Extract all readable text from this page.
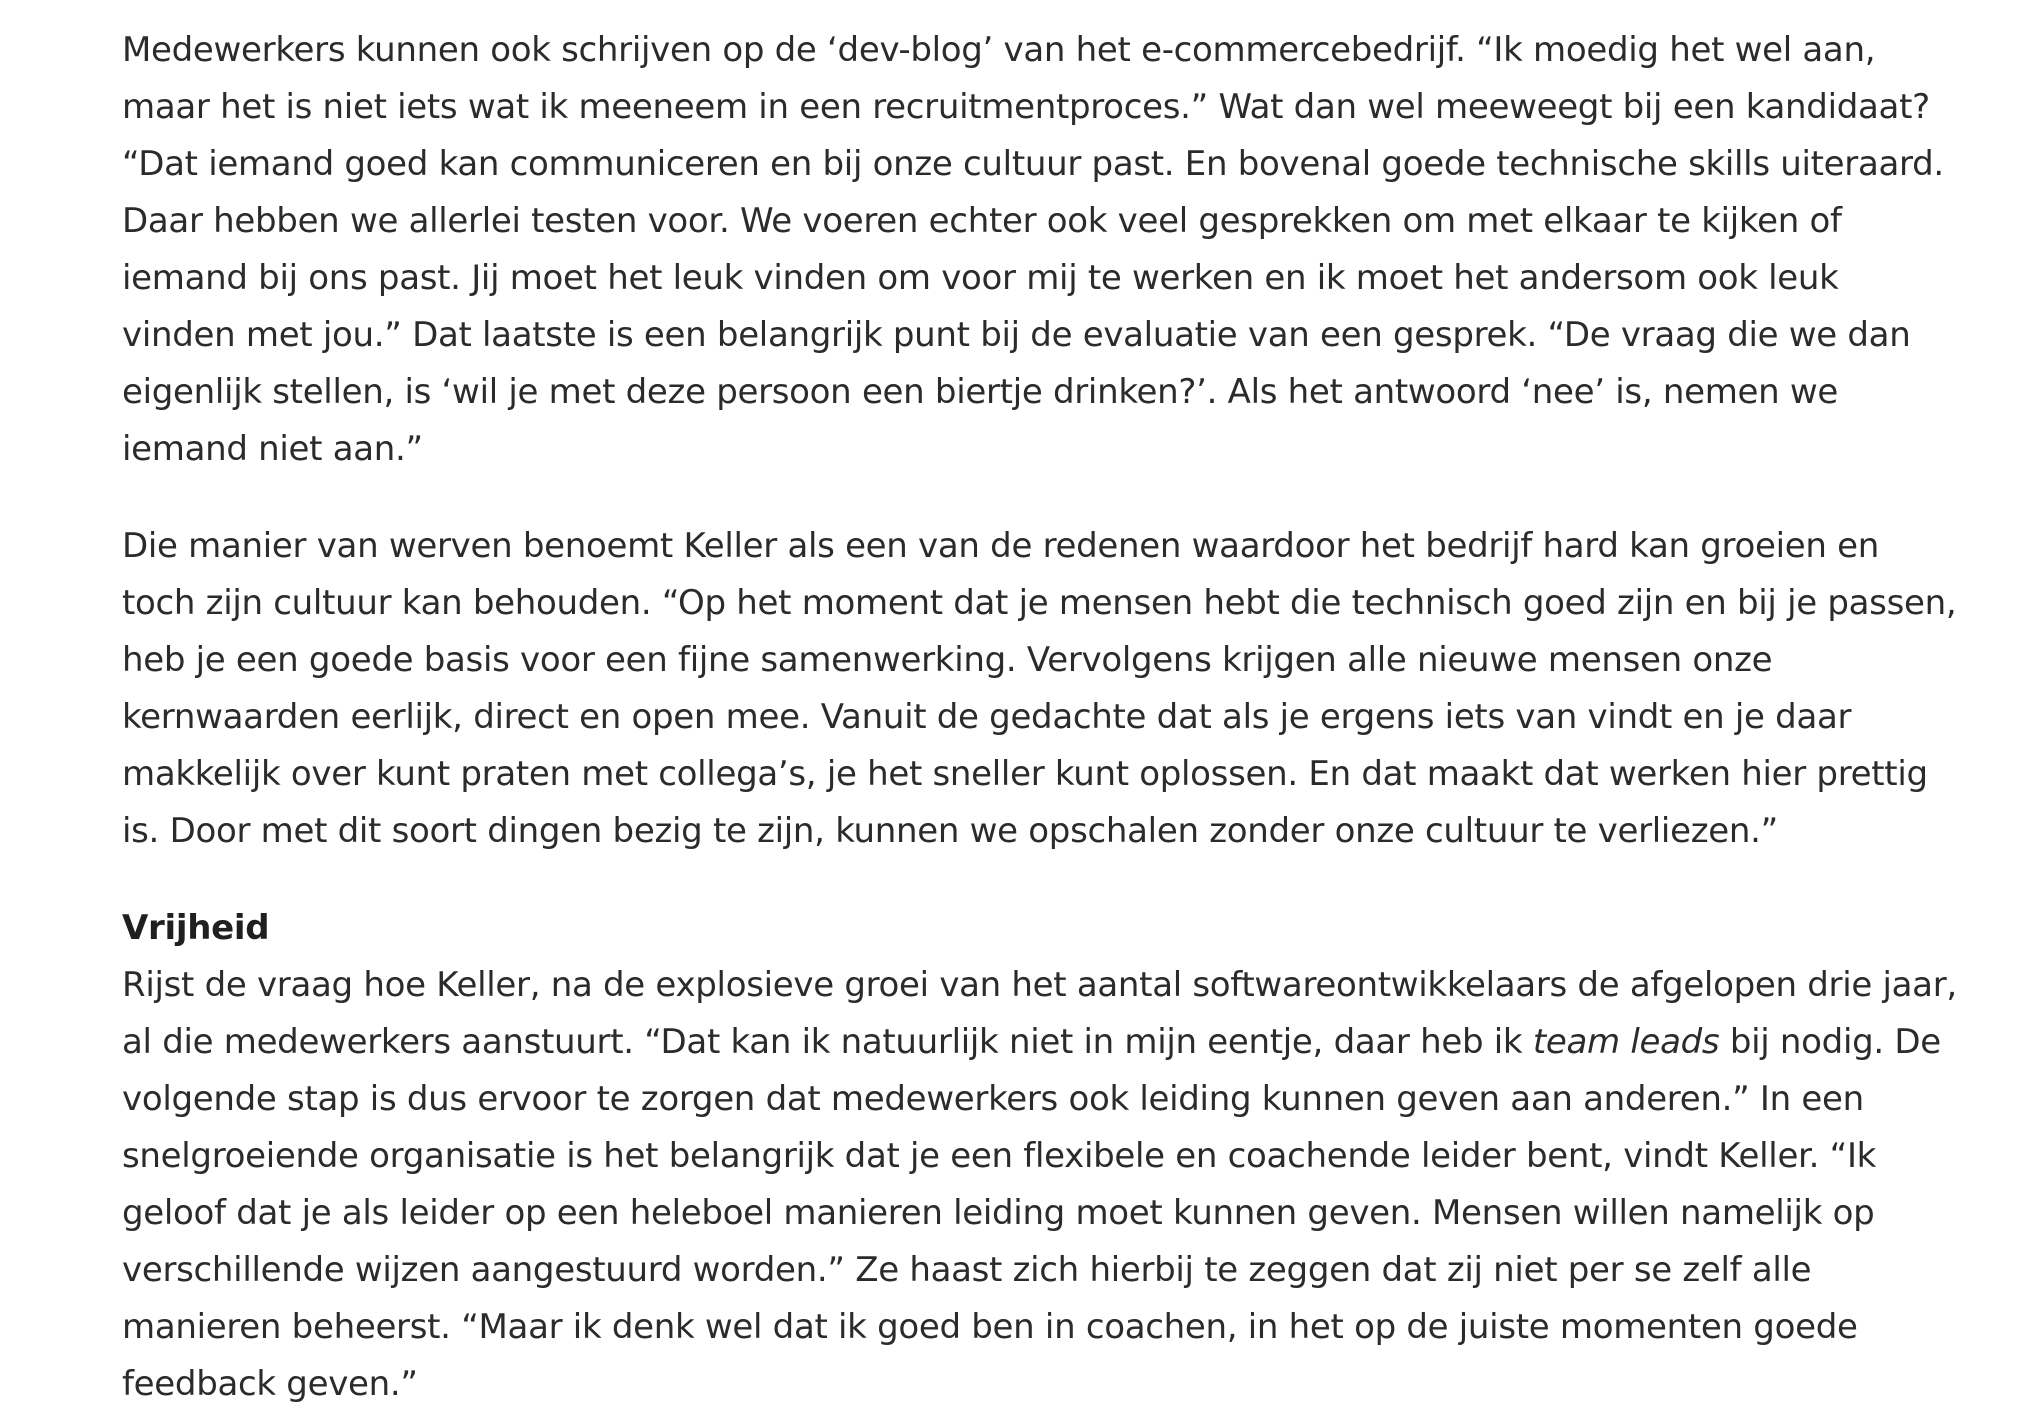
Medewerkers kunnen ook schrijven op de ‘dev-blog’ van het e-commercebedrijf. “Ik moedig het wel aan, maar het is niet iets wat ik meeneem in een recruitmentproces.” Wat dan wel meeweegt bij een kandidaat? “Dat iemand goed kan communiceren en bij onze cultuur past. En bovenal goede technische skills uiteraard. Daar hebben we allerlei testen voor. We voeren echter ook veel gesprekken om met elkaar te kijken of iemand bij ons past. Jij moet het leuk vinden om voor mij te werken en ik moet het andersom ook leuk vinden met jou.” Dat laatste is een belangrijk punt bij de evaluatie van een gesprek. “De vraag die we dan eigenlijk stellen, is ‘wil je met deze persoon een biertje drinken?’. Als het antwoord ‘nee’ is, nemen we iemand niet aan.”

Die manier van werven benoemt Keller als een van de redenen waardoor het bedrijf hard kan groeien en toch zijn cultuur kan behouden. “Op het moment dat je mensen hebt die technisch goed zijn en bij je passen, heb je een goede basis voor een fijne samenwerking. Vervolgens krijgen alle nieuwe mensen onze kernwaarden eerlijk, direct en open mee. Vanuit de gedachte dat als je ergens iets van vindt en je daar makkelijk over kunt praten met collega’s, je het sneller kunt oplossen. En dat maakt dat werken hier prettig is. Door met dit soort dingen bezig te zijn, kunnen we opschalen zonder onze cultuur te verliezen.”

Vrijheid

Rijst de vraag hoe Keller, na de explosieve groei van het aantal softwareontwikkelaars de afgelopen drie jaar, al die medewerkers aanstuurt. “Dat kan ik natuurlijk niet in mijn eentje, daar heb ik team leads bij nodig. De volgende stap is dus ervoor te zorgen dat medewerkers ook leiding kunnen geven aan anderen.” In een snelgroeiende organisatie is het belangrijk dat je een flexibele en coachende leider bent, vindt Keller. “Ik geloof dat je als leider op een heleboel manieren leiding moet kunnen geven. Mensen willen namelijk op verschillende wijzen aangestuurd worden.” Ze haast zich hierbij te zeggen dat zij niet per se zelf alle manieren beheerst. “Maar ik denk wel dat ik goed ben in coachen, in het op de juiste momenten goede feedback geven.”
